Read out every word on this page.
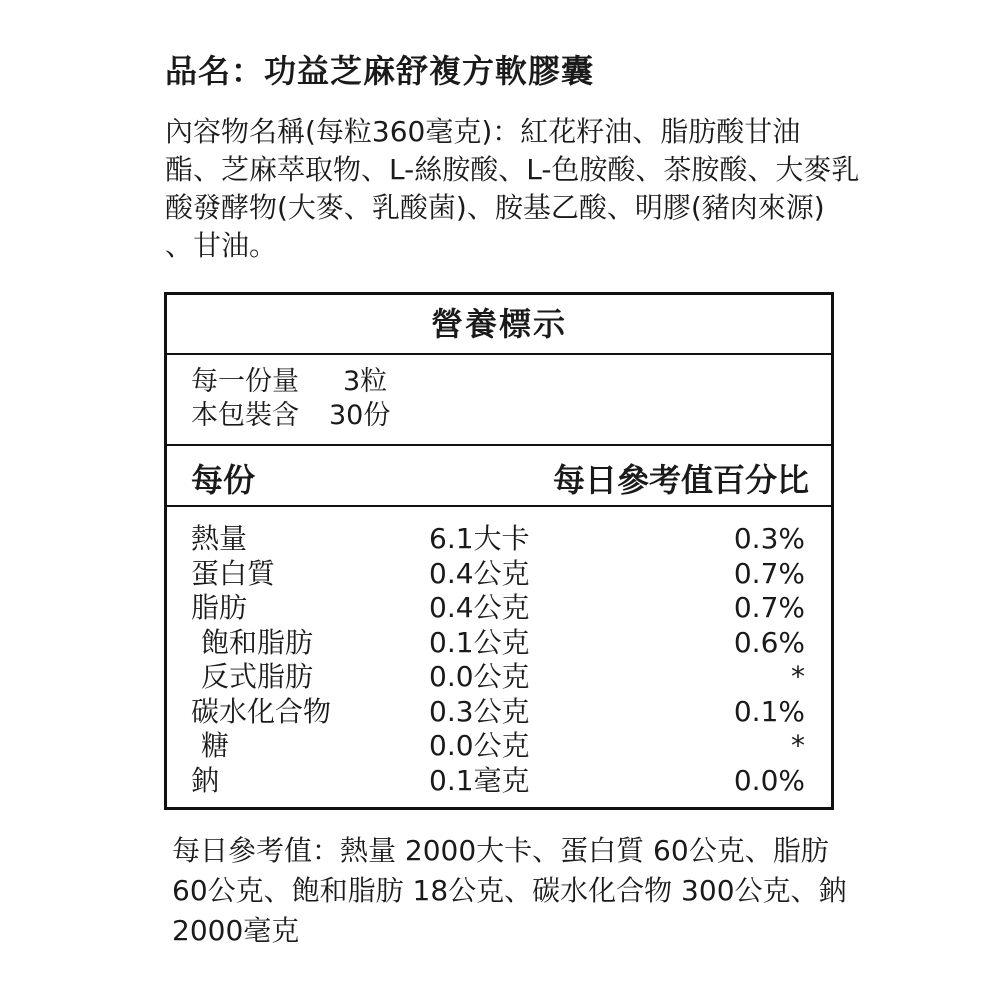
品名：功益芝麻舒複方軟膠囊
內容物名稱(每粒360毫克)：紅花籽油、脂肪酸甘油
酯、芝麻萃取物、L-絲胺酸、L-色胺酸、茶胺酸、大麥乳
酸發酵物(大麥、乳酸菌)、胺基乙酸、明膠(豬肉來源)
、甘油。
營養標示
每一份量 3粒
本包裝含 30份
每份	每日參考值百分比
熱量	6.1大卡	0.3%
蛋白質	0.4公克	0.7%
脂肪	0.4公克	0.7%
飽和脂肪	0.1公克	0.6%
反式脂肪	0.0公克	*
碳水化合物	0.3公克	0.1%
糖	0.0公克	*
鈉	0.1毫克	0.0%
每日參考值：熱量 2000大卡、蛋白質 60公克、脂肪
60公克、飽和脂肪 18公克、碳水化合物 300公克、鈉
2000毫克
